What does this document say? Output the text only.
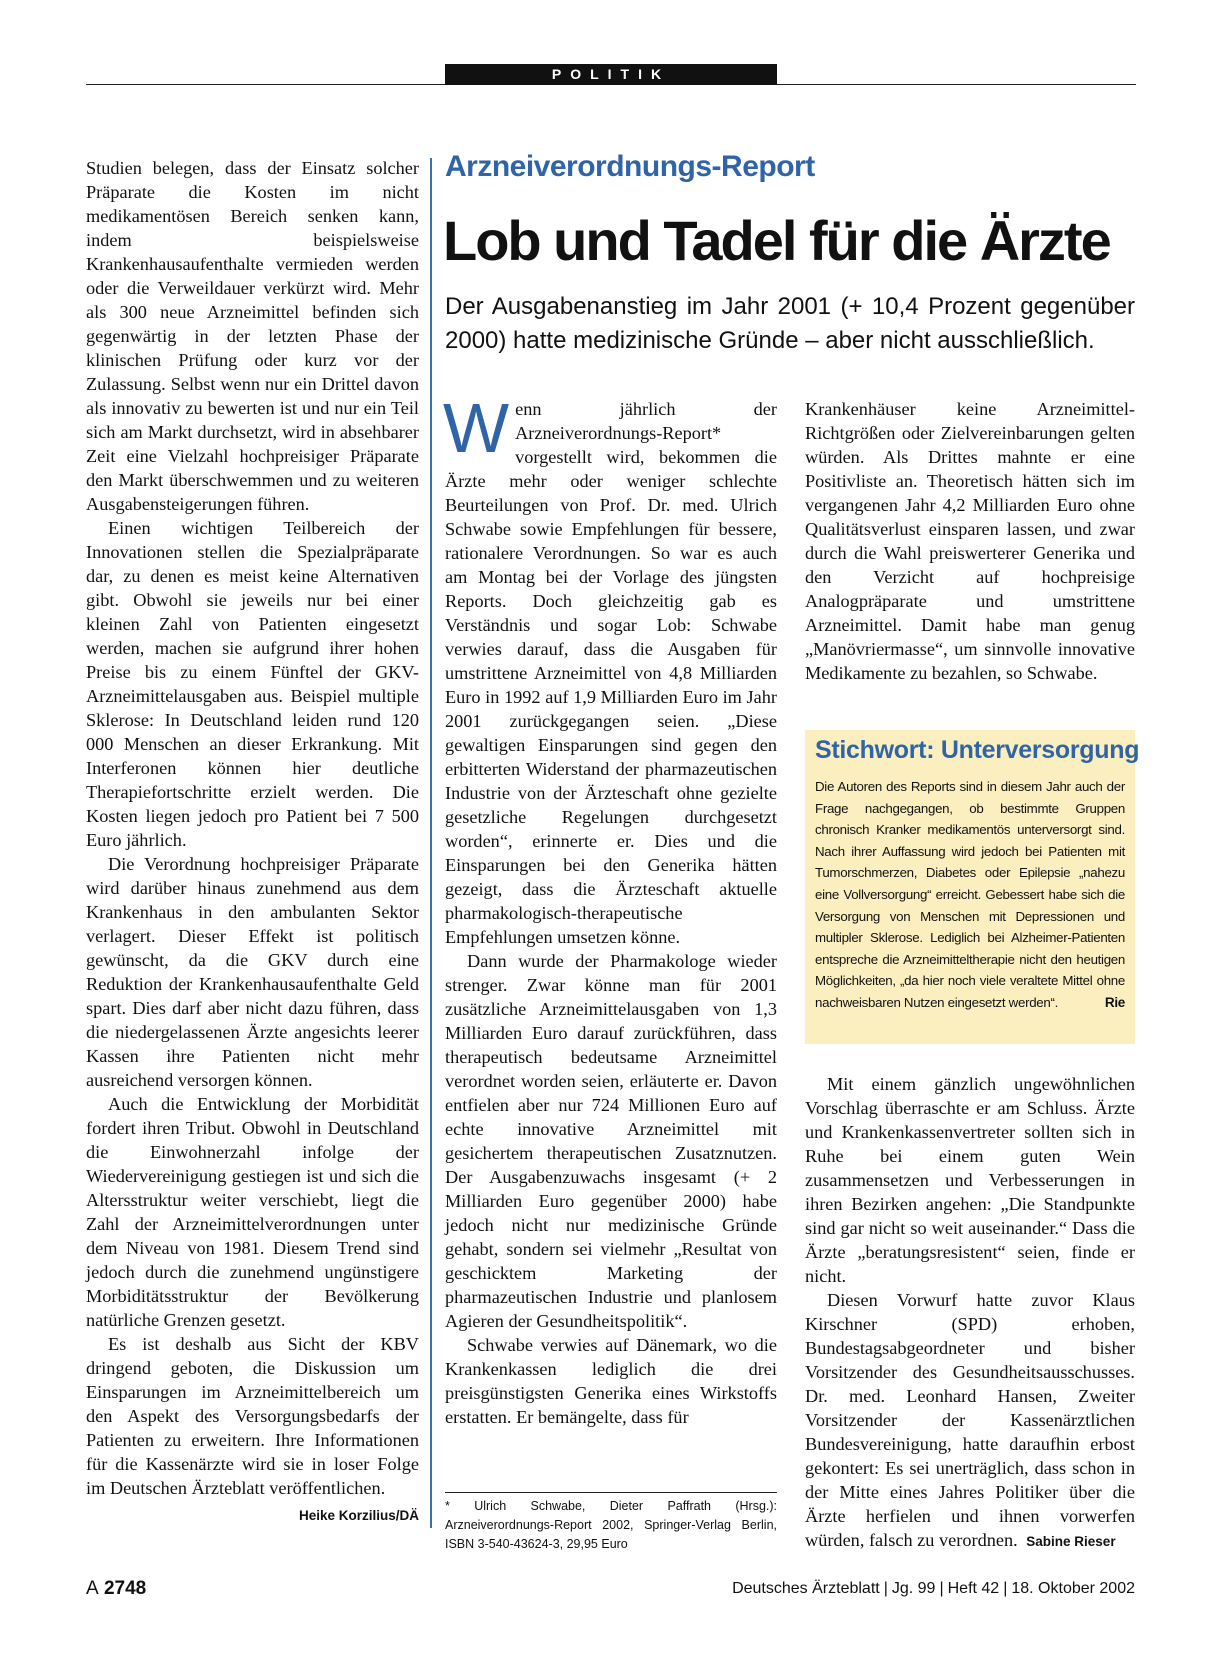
POLITIK
Arzneiverordnungs-Report
Lob und Tadel für die Ärzte
Der Ausgabenanstieg im Jahr 2001 (+ 10,4 Prozent gegenüber 2000) hatte medizinische Gründe – aber nicht ausschließlich.

Studien belegen, dass der Einsatz solcher Präparate die Kosten im nicht medikamentösen Bereich senken kann, indem beispielsweise Krankenhausaufenthalte vermieden werden oder die Verweildauer verkürzt wird. Mehr als 300 neue Arzneimittel befinden sich gegenwärtig in der letzten Phase der klinischen Prüfung oder kurz vor der Zulassung. Selbst wenn nur ein Drittel davon als innovativ zu bewerten ist und nur ein Teil sich am Markt durchsetzt, wird in absehbarer Zeit eine Vielzahl hochpreisiger Präparate den Markt überschwemmen und zu weiteren Ausgabensteigerungen führen.

Einen wichtigen Teilbereich der Innovationen stellen die Spezialpräparate dar, zu denen es meist keine Alternativen gibt. Obwohl sie jeweils nur bei einer kleinen Zahl von Patienten eingesetzt werden, machen sie aufgrund ihrer hohen Preise bis zu einem Fünftel der GKV-Arzneimittelausgaben aus. Beispiel multiple Sklerose: In Deutschland leiden rund 120 000 Menschen an dieser Erkrankung. Mit Interferonen können hier deutliche Therapiefortschritte erzielt werden. Die Kosten liegen jedoch pro Patient bei 7 500 Euro jährlich.

Die Verordnung hochpreisiger Präparate wird darüber hinaus zunehmend aus dem Krankenhaus in den ambulanten Sektor verlagert. Dieser Effekt ist politisch gewünscht, da die GKV durch eine Reduktion der Krankenhausaufenthalte Geld spart. Dies darf aber nicht dazu führen, dass die niedergelassenen Ärzte angesichts leerer Kassen ihre Patienten nicht mehr ausreichend versorgen können.

Auch die Entwicklung der Morbidität fordert ihren Tribut. Obwohl in Deutschland die Einwohnerzahl infolge der Wiedervereinigung gestiegen ist und sich die Altersstruktur weiter verschiebt, liegt die Zahl der Arzneimittelverordnungen unter dem Niveau von 1981. Diesem Trend sind jedoch durch die zunehmend ungünstigere Morbiditätsstruktur der Bevölkerung natürliche Grenzen gesetzt.

Es ist deshalb aus Sicht der KBV dringend geboten, die Diskussion um Einsparungen im Arzneimittelbereich um den Aspekt des Versorgungsbedarfs der Patienten zu erweitern. Ihre Informationen für die Kassenärzte wird sie in loser Folge im Deutschen Ärzteblatt veröffentlichen.
Heike Korzilius/DÄ

Wenn jährlich der Arzneiverordnungs-Report* vorgestellt wird, bekommen die Ärzte mehr oder weniger schlechte Beurteilungen von Prof. Dr. med. Ulrich Schwabe sowie Empfehlungen für bessere, rationalere Verordnungen. So war es auch am Montag bei der Vorlage des jüngsten Reports. Doch gleichzeitig gab es Verständnis und sogar Lob: Schwabe verwies darauf, dass die Ausgaben für umstrittene Arzneimittel von 4,8 Milliarden Euro in 1992 auf 1,9 Milliarden Euro im Jahr 2001 zurückgegangen seien. „Diese gewaltigen Einsparungen sind gegen den erbitterten Widerstand der pharmazeutischen Industrie von der Ärzteschaft ohne gezielte gesetzliche Regelungen durchgesetzt worden“, erinnerte er. Dies und die Einsparungen bei den Generika hätten gezeigt, dass die Ärzteschaft aktuelle pharmakologisch-therapeutische Empfehlungen umsetzen könne.

Dann wurde der Pharmakologe wieder strenger. Zwar könne man für 2001 zusätzliche Arzneimittelausgaben von 1,3 Milliarden Euro darauf zurückführen, dass therapeutisch bedeutsame Arzneimittel verordnet worden seien, erläuterte er. Davon entfielen aber nur 724 Millionen Euro auf echte innovative Arzneimittel mit gesichertem therapeutischen Zusatznutzen. Der Ausgabenzuwachs insgesamt (+ 2 Milliarden Euro gegenüber 2000) habe jedoch nicht nur medizinische Gründe gehabt, sondern sei vielmehr „Resultat von geschicktem Marketing der pharmazeutischen Industrie und planlosem Agieren der Gesundheitspolitik“.

Schwabe verwies auf Dänemark, wo die Krankenkassen lediglich die drei preisgünstigsten Generika eines Wirkstoffs erstatten. Er bemängelte, dass für

* Ulrich Schwabe, Dieter Paffrath (Hrsg.): Arzneiverordnungs-Report 2002, Springer-Verlag Berlin, ISBN 3-540-43624-3, 29,95 Euro

Krankenhäuser keine Arzneimittel-Richtgrößen oder Zielvereinbarungen gelten würden. Als Drittes mahnte er eine Positivliste an. Theoretisch hätten sich im vergangenen Jahr 4,2 Milliarden Euro ohne Qualitätsverlust einsparen lassen, und zwar durch die Wahl preiswerterer Generika und den Verzicht auf hochpreisige Analogpräparate und umstrittene Arzneimittel. Damit habe man genug „Manövriermasse“, um sinnvolle innovative Medikamente zu bezahlen, so Schwabe.

Stichwort: Unterversorgung
Die Autoren des Reports sind in diesem Jahr auch der Frage nachgegangen, ob bestimmte Gruppen chronisch Kranker medikamentös unterversorgt sind. Nach ihrer Auffassung wird jedoch bei Patienten mit Tumorschmerzen, Diabetes oder Epilepsie „nahezu eine Vollversorgung“ erreicht. Gebessert habe sich die Versorgung von Menschen mit Depressionen und multipler Sklerose. Lediglich bei Alzheimer-Patienten entspreche die Arzneimitteltherapie nicht den heutigen Möglichkeiten, „da hier noch viele veraltete Mittel ohne nachweisbaren Nutzen eingesetzt werden“.	Rie

Mit einem gänzlich ungewöhnlichen Vorschlag überraschte er am Schluss. Ärzte und Krankenkassenvertreter sollten sich in Ruhe bei einem guten Wein zusammensetzen und Verbesserungen in ihren Bezirken angehen: „Die Standpunkte sind gar nicht so weit auseinander.“ Dass die Ärzte „beratungsresistent“ seien, finde er nicht.

Diesen Vorwurf hatte zuvor Klaus Kirschner (SPD) erhoben, Bundestagsabgeordneter und bisher Vorsitzender des Gesundheitsausschusses. Dr. med. Leonhard Hansen, Zweiter Vorsitzender der Kassenärztlichen Bundesvereinigung, hatte daraufhin erbost gekontert: Es sei unerträglich, dass schon in der Mitte eines Jahres Politiker über die Ärzte herfielen und ihnen vorwerfen würden, falsch zu verordnen. Sabine Rieser

A 2748	Deutsches Ärzteblatt | Jg. 99 | Heft 42 | 18. Oktober 2002
